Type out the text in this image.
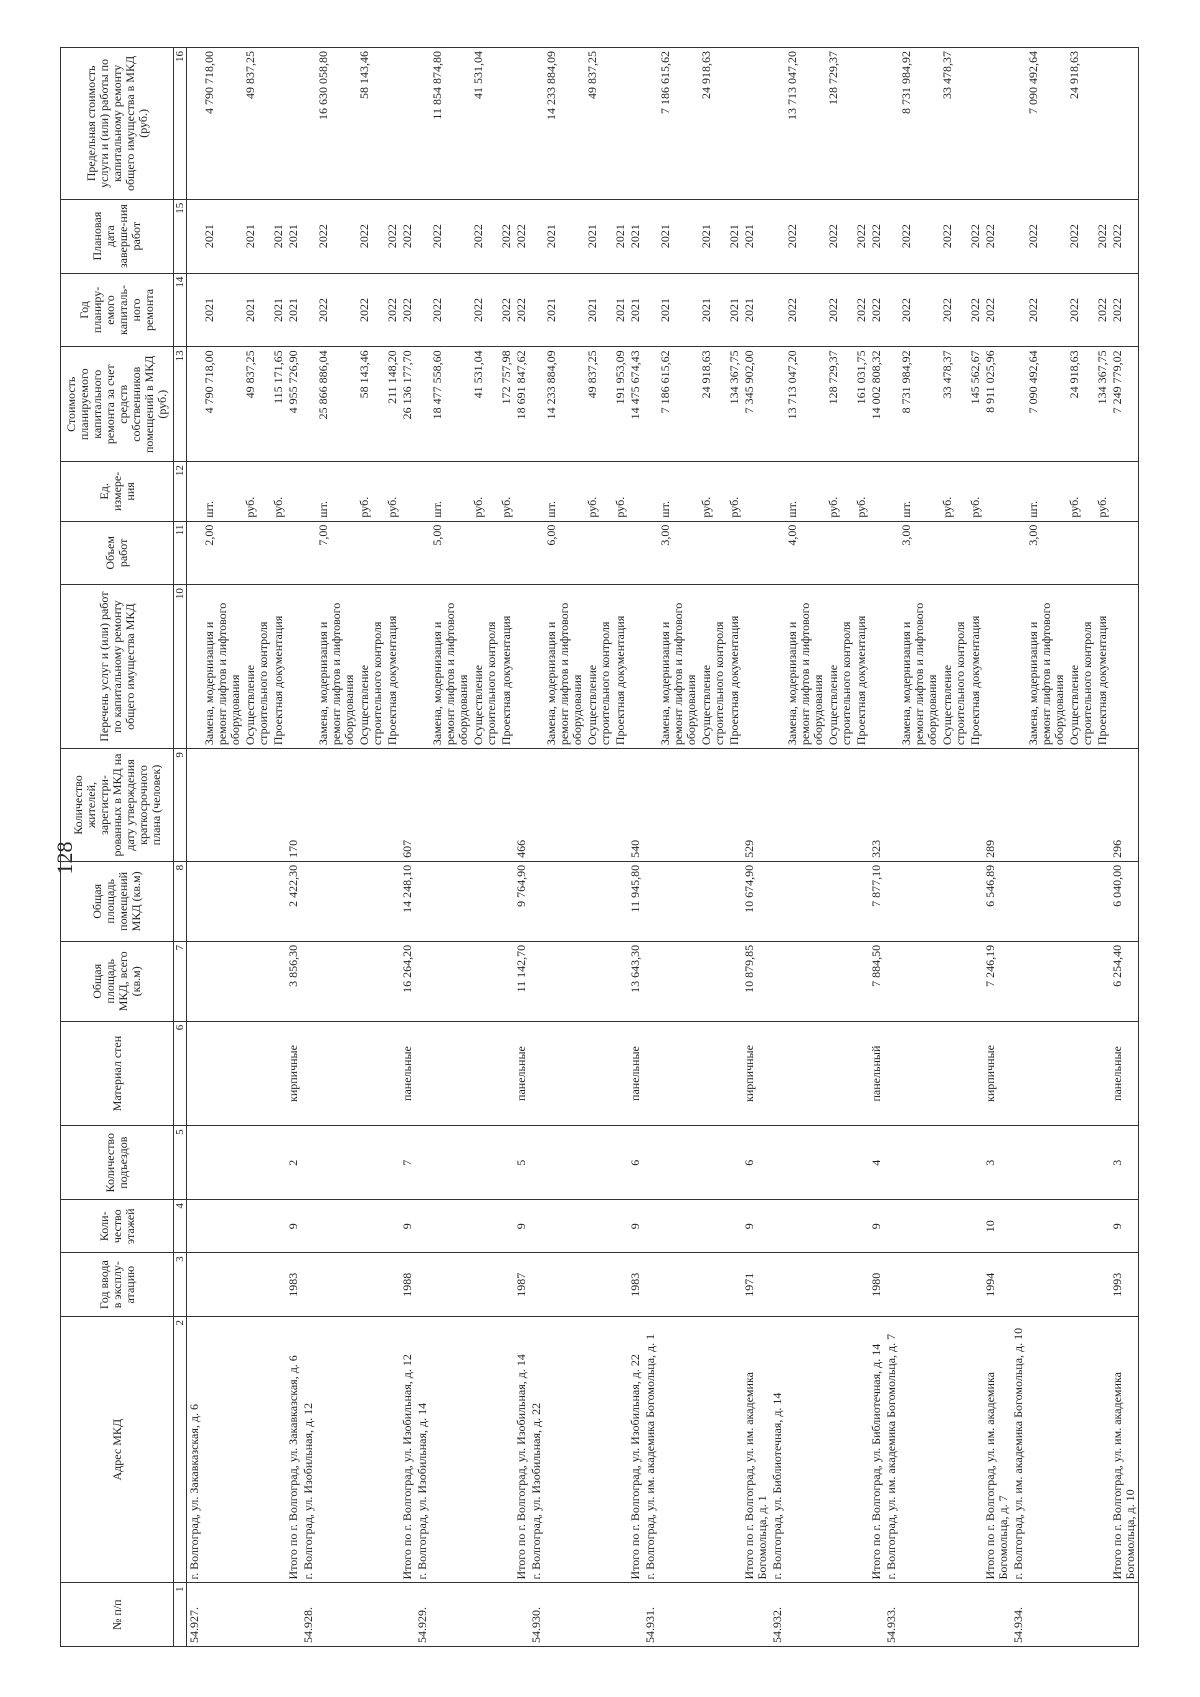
128
№ п/п	Адрес МКД	Год ввода в эксплу-атацию	Коли-чество этажей	Количество подъездов	Материал стен	Общая площадь МКД, всего (кв.м)	Общая площадь помещений МКД (кв.м)	Количество жителей, зарегистри-рованных в МКД на дату утверждения краткосрочного плана (человек)	Перечень услуг и (или) работ по капитальному ремонту общего имущества МКД	Объем работ	Ед. измере-ния	Стоимость планируемого капитального ремонта за счет средств собственников помещений в МКД (руб.)	Год планиру-емого капиталь-ного ремонта	Плановая дата заверше-ния работ	Предельная стоимость услуги и (или) работы по капитальному ремонту общего имущества в МКД (руб.)
1	2	3	4	5	6	7	8	9	10	11	12	13	14	15	16
54.927.	г. Волгоград, ул. Закавказская, д. 6														
									Замена, модернизация и ремонт лифтов и лифтового оборудования	2,00	шт.	4 790 718,00	2021	2021	4 790 718,00
									Осуществление строительного контроля		руб.	49 837,25	2021	2021	49 837,25
									Проектная документация		руб.	115 171,65	2021	2021	
	Итого по г. Волгоград, ул. Закавказская, д. 6	1983	9	2	кирпичные	3 856,30	2 422,30	170				4 955 726,90	2021	2021	
54.928.	г. Волгоград, ул. Изобильная, д. 12														
									Замена, модернизация и ремонт лифтов и лифтового оборудования	7,00	шт.	25 866 886,04	2022	2022	16 630 058,80
									Осуществление строительного контроля		руб.	58 143,46	2022	2022	58 143,46
									Проектная документация		руб.	211 148,20	2022	2022	
	Итого по г. Волгоград, ул. Изобильная, д. 12	1988	9	7	панельные	16 264,20	14 248,10	607				26 136 177,70	2022	2022	
54.929.	г. Волгоград, ул. Изобильная, д. 14														
									Замена, модернизация и ремонт лифтов и лифтового оборудования	5,00	шт.	18 477 558,60	2022	2022	11 854 874,80
									Осуществление строительного контроля		руб.	41 531,04	2022	2022	41 531,04
									Проектная документация		руб.	172 757,98	2022	2022	
	Итого по г. Волгоград, ул. Изобильная, д. 14	1987	9	5	панельные	11 142,70	9 764,90	466				18 691 847,62	2022	2022	
54.930.	г. Волгоград, ул. Изобильная, д. 22														
									Замена, модернизация и ремонт лифтов и лифтового оборудования	6,00	шт.	14 233 884,09	2021	2021	14 233 884,09
									Осуществление строительного контроля		руб.	49 837,25	2021	2021	49 837,25
									Проектная документация		руб.	191 953,09	2021	2021	
	Итого по г. Волгоград, ул. Изобильная, д. 22	1983	9	6	панельные	13 643,30	11 945,80	540				14 475 674,43	2021	2021	
54.931.	г. Волгоград, ул. им. академика Богомольца, д. 1														
									Замена, модернизация и ремонт лифтов и лифтового оборудования	3,00	шт.	7 186 615,62	2021	2021	7 186 615,62
									Осуществление строительного контроля		руб.	24 918,63	2021	2021	24 918,63
									Проектная документация		руб.	134 367,75	2021	2021	
	Итого по г. Волгоград, ул. им. академика Богомольца, д. 1	1971	9	6	кирпичные	10 879,85	10 674,90	529				7 345 902,00	2021	2021	
54.932.	г. Волгоград, ул. Библиотечная, д. 14														
									Замена, модернизация и ремонт лифтов и лифтового оборудования	4,00	шт.	13 713 047,20	2022	2022	13 713 047,20
									Осуществление строительного контроля		руб.	128 729,37	2022	2022	128 729,37
									Проектная документация		руб.	161 031,75	2022	2022	
	Итого по г. Волгоград, ул. Библиотечная, д. 14	1980	9	4	панельный	7 884,50	7 877,10	323				14 002 808,32	2022	2022	
54.933.	г. Волгоград, ул. им. академика Богомольца, д. 7														
									Замена, модернизация и ремонт лифтов и лифтового оборудования	3,00	шт.	8 731 984,92	2022	2022	8 731 984,92
									Осуществление строительного контроля		руб.	33 478,37	2022	2022	33 478,37
									Проектная документация		руб.	145 562,67	2022	2022	
	Итого по г. Волгоград, ул. им. академика Богомольца, д. 7	1994	10	3	кирпичные	7 246,19	6 546,89	289				8 911 025,96	2022	2022	
54.934.	г. Волгоград, ул. им. академика Богомольца, д. 10														
									Замена, модернизация и ремонт лифтов и лифтового оборудования	3,00	шт.	7 090 492,64	2022	2022	7 090 492,64
									Осуществление строительного контроля		руб.	24 918,63	2022	2022	24 918,63
									Проектная документация		руб.	134 367,75	2022	2022	
	Итого по г. Волгоград, ул. им. академика Богомольца, д. 10	1993	9	3	панельные	6 254,40	6 040,00	296				7 249 779,02	2022	2022	
